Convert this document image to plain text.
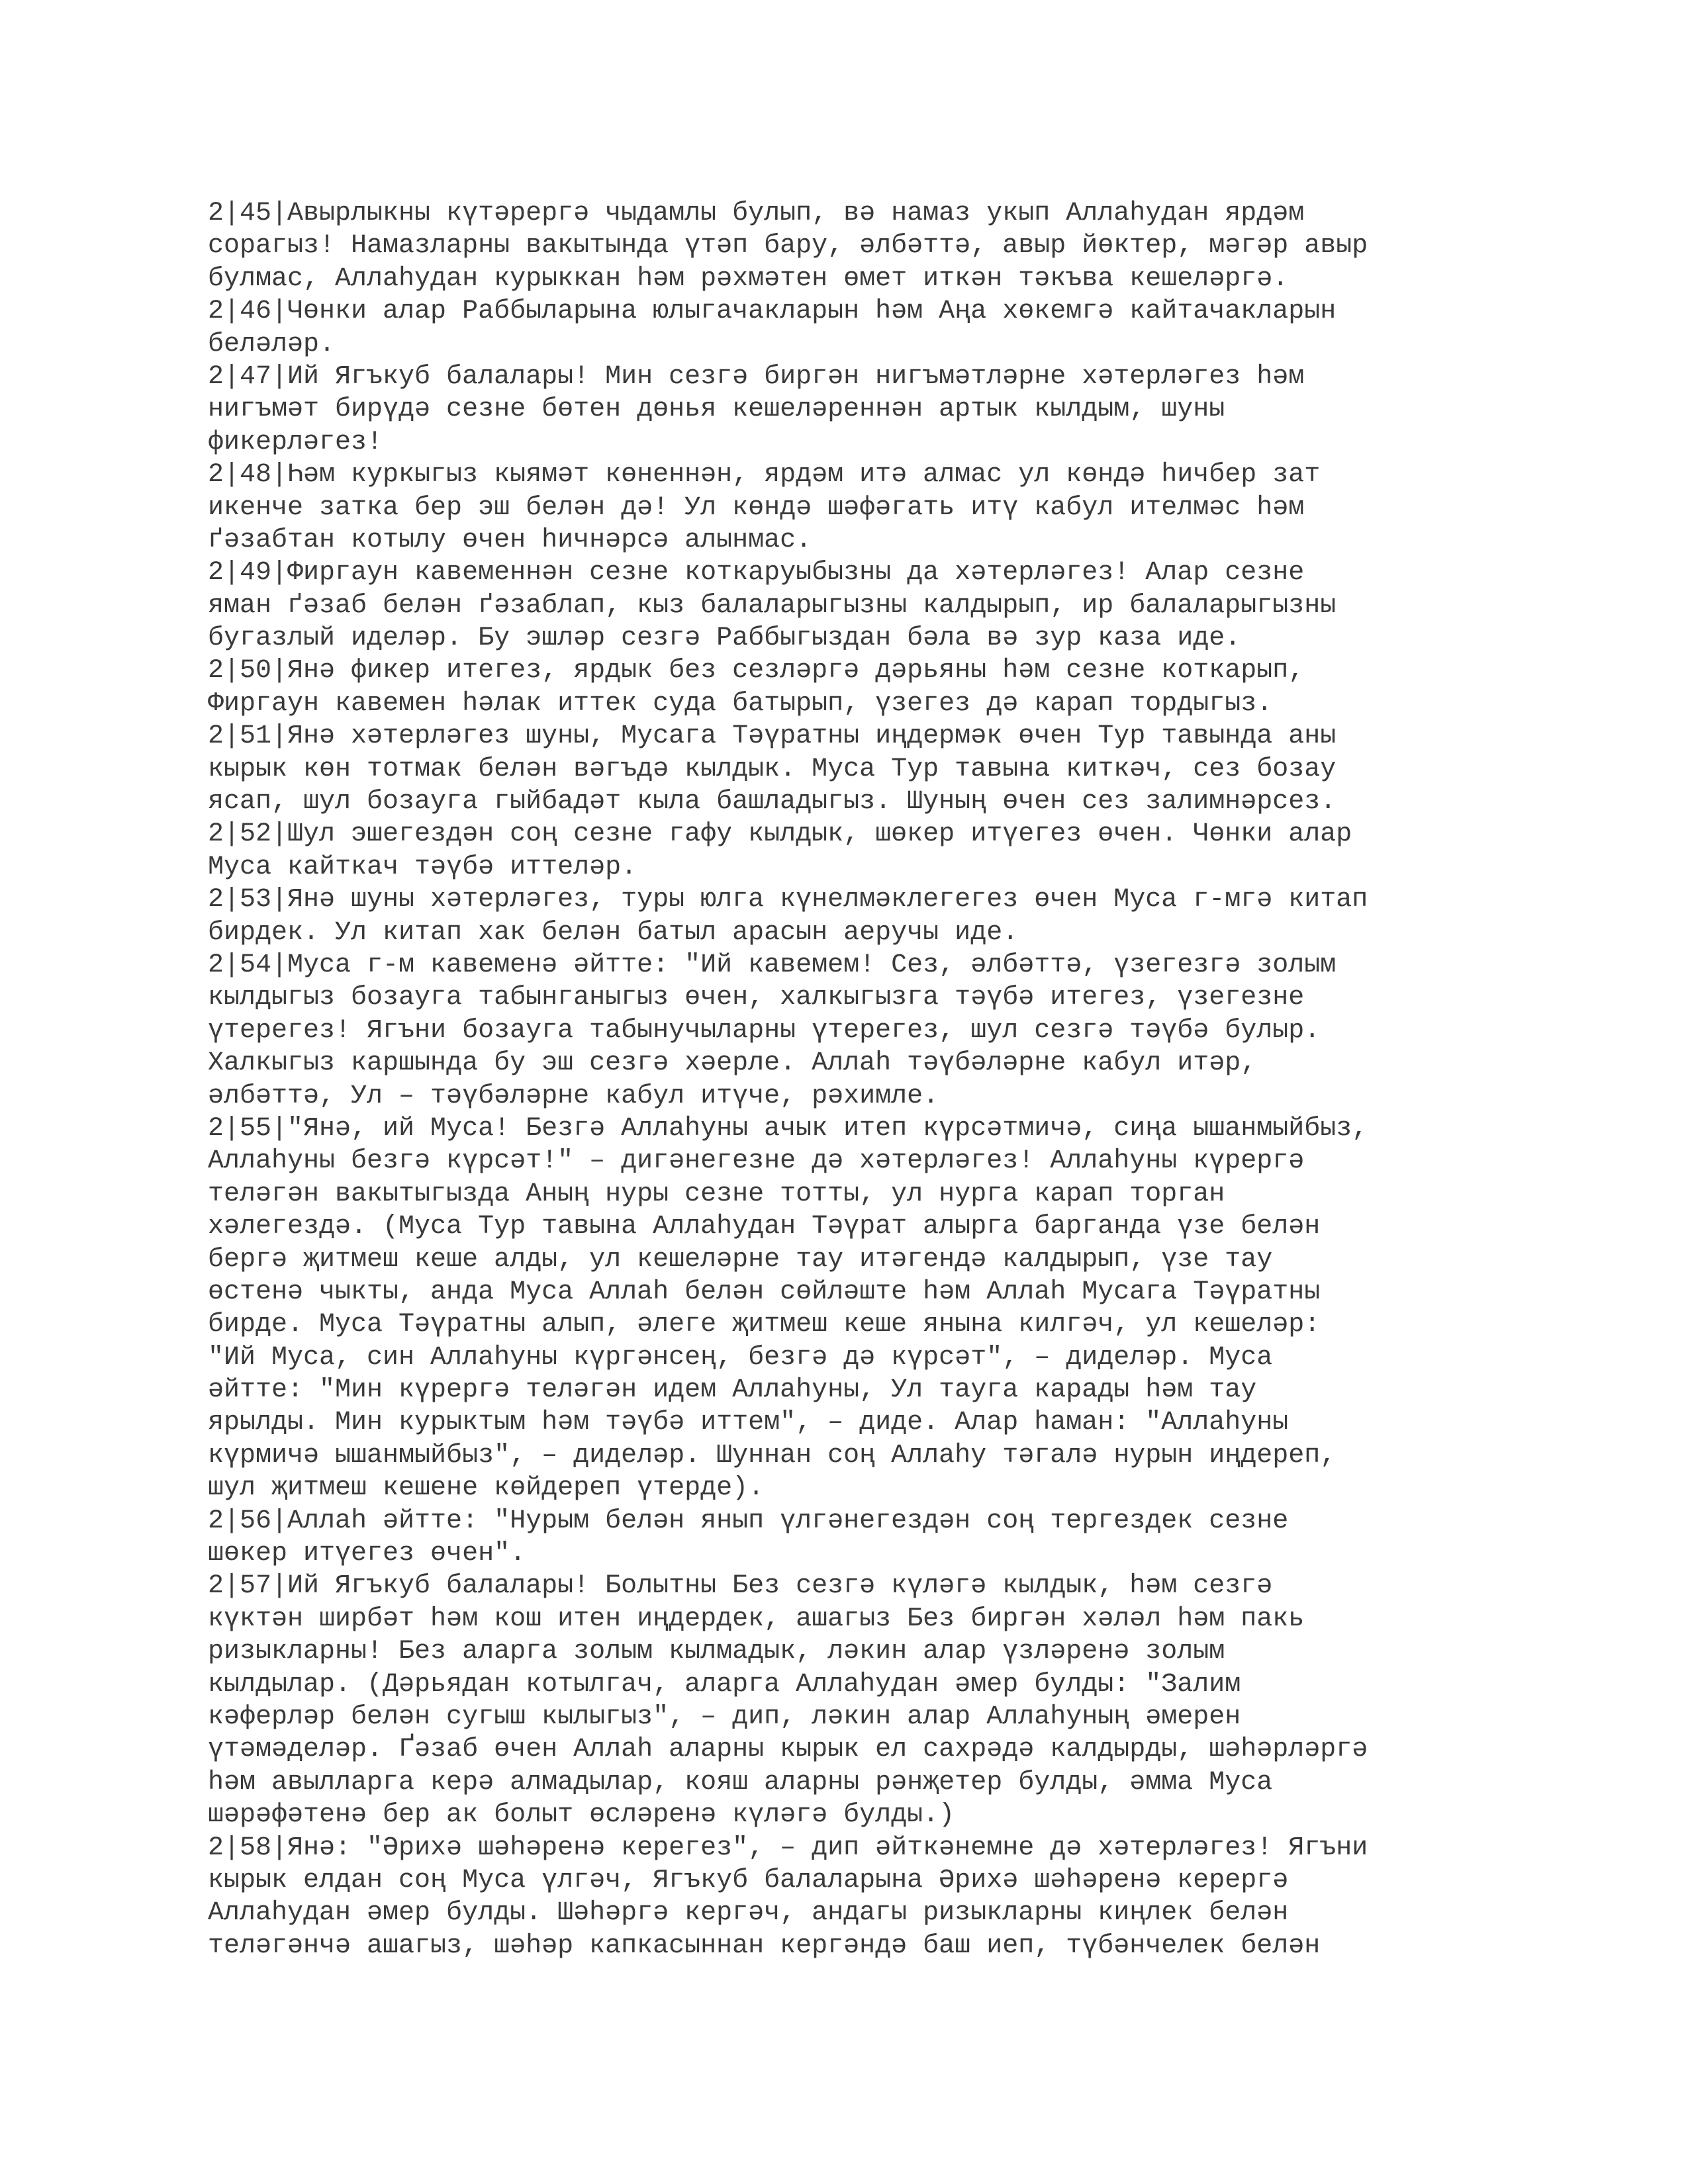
2|45|Авырлыкны күтәрергә чыдамлы булып, вә намаз укып Аллаһудан ярдәм

сорагыз! Намазларны вакытында үтәп бару, әлбәттә, авыр йөктер, мәгәр авыр

булмас, Аллаһудан курыккан һәм рәхмәтен өмет иткән тәкъва кешеләргә.

2|46|Чөнки алар Раббыларына юлыгачакларын һәм Аңа хөкемгә кайтачакларын

беләләр.

2|47|Ий Ягъкуб балалары! Мин сезгә биргән нигъмәтләрне хәтерләгез һәм

нигъмәт бирүдә сезне бөтен дөнья кешеләреннән артык кылдым, шуны

фикерләгез!

2|48|Һәм куркыгыз кыямәт көненнән, ярдәм итә алмас ул көндә һичбер зат

икенче затка бер эш белән дә! Ул көндә шәфәгать итү кабул ителмәс һәм

ґәзабтан котылу өчен һичнәрсә алынмас.

2|49|Фиргаун кавеменнән сезне коткаруыбызны да хәтерләгез! Алар сезне

яман ґәзаб белән ґәзаблап, кыз балаларыгызны калдырып, ир балаларыгызны

бугазлый иделәр. Бу эшләр сезгә Раббыгыздан бәла вә зур каза иде.

2|50|Янә фикер итегез, ярдык без сезләргә дәрьяны һәм сезне коткарып,

Фиргаун кавемен һәлак иттек суда батырып, үзегез дә карап тордыгыз.

2|51|Янә хәтерләгез шуны, Мусага Тәүратны иңдермәк өчен Тур тавында аны

кырык көн тотмак белән вәгъдә кылдык. Муса Тур тавына киткәч, сез бозау

ясап, шул бозауга гыйбадәт кыла башладыгыз. Шуның өчен сез залимнәрсез.

2|52|Шул эшегездән соң сезне гафу кылдык, шөкер итүегез өчен. Чөнки алар

Муса кайткач тәүбә иттеләр.

2|53|Янә шуны хәтерләгез, туры юлга күнелмәклегегез өчен Муса г-мгә китап

бирдек. Ул китап хак белән батыл арасын аеручы иде.

2|54|Муса г-м кавеменә әйтте: "Ий кавемем! Сез, әлбәттә, үзегезгә золым

кылдыгыз бозауга табынганыгыз өчен, халкыгызга тәүбә итегез, үзегезне

үтерегез! Ягъни бозауга табынучыларны үтерегез, шул сезгә тәүбә булыр.

Халкыгыз каршында бу эш сезгә хәерле. Аллаһ тәүбәләрне кабул итәр,

әлбәттә, Ул – тәүбәләрне кабул итүче, рәхимле.

2|55|"Янә, ий Муса! Безгә Аллаһуны ачык итеп күрсәтмичә, сиңа ышанмыйбыз,

Аллаһуны безгә күрсәт!" – дигәнегезне дә хәтерләгез! Аллаһуны күрергә

теләгән вакытыгызда Аның нуры сезне тотты, ул нурга карап торган

хәлегездә. (Муса Тур тавына Аллаһудан Тәүрат алырга барганда үзе белән

бергә җитмеш кеше алды, ул кешеләрне тау итәгендә калдырып, үзе тау

өстенә чыкты, анда Муса Аллаһ белән сөйләште һәм Аллаһ Мусага Тәүратны

бирде. Муса Тәүратны алып, әлеге җитмеш кеше янына килгәч, ул кешеләр:

"Ий Муса, син Аллаһуны күргәнсең, безгә дә күрсәт", – диделәр. Муса

әйтте: "Мин күрергә теләгән идем Аллаһуны, Ул тауга карады һәм тау

ярылды. Мин курыктым һәм тәүбә иттем", – диде. Алар һаман: "Аллаһуны

күрмичә ышанмыйбыз", – диделәр. Шуннан соң Аллаһу тәгалә нурын иңдереп,

шул җитмеш кешене көйдереп үтерде).

2|56|Аллаһ әйтте: "Нурым белән янып үлгәнегездән соң тергездек сезне

шөкер итүегез өчен".

2|57|Ий Ягъкуб балалары! Болытны Без сезгә күләгә кылдык, һәм сезгә

күктән ширбәт һәм кош итен иңдердек, ашагыз Без биргән хәләл һәм пакь

ризыкларны! Без аларга золым кылмадык, ләкин алар үзләренә золым

кылдылар. (Дәрьядан котылгач, аларга Аллаһудан әмер булды: "Залим

кәферләр белән сугыш кылыгыз", – дип, ләкин алар Аллаһуның әмерен

үтәмәделәр. Ґәзаб өчен Аллаһ аларны кырык ел сахрәдә калдырды, шәһәрләргә

һәм авылларга керә алмадылар, кояш аларны рәнҗетер булды, әмма Муса

шәрәфәтенә бер ак болыт өсләренә күләгә булды.)

2|58|Янә: "Әрихә шәһәренә керегез", – дип әйткәнемне дә хәтерләгез! Ягъни

кырык елдан соң Муса үлгәч, Ягъкуб балаларына Әрихә шәһәренә керергә

Аллаһудан әмер булды. Шәһәргә кергәч, андагы ризыкларны киңлек белән

теләгәнчә ашагыз, шәһәр капкасыннан кергәндә баш иеп, түбәнчелек белән
